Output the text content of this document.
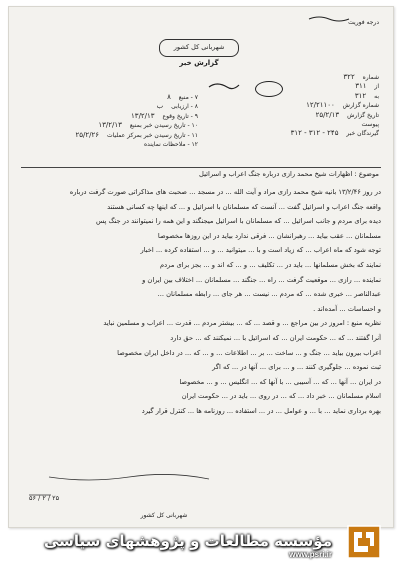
درجه فوریت
شهربانی کل کشور
گزارش خبر
شماره ۳۲۲
از ۳۱۱
به ۳۱۲
شماره گزارش ۱۲/۲۱۱۰۰
تاریخ گزارش ۲۵/۲/۱۳
پیوست
گیرندگان خبر ۲۴۵ - ۳۱۲ - ۳۱۲
۷ - منبع ۸
۸ - ارزیابی ب
۹ - تاریخ وقوع ۱۳/۲/۱۳
۱۰ - تاریخ رسیدن خبر بمنبع ۱۳/۲/۱۳
۱۱ - تاریخ رسیدن خبر بمرکز عملیات ۲۵/۲/۲۶
۱۲ - ملاحظات نماینده
موضوع : اظهارات شیخ محمد رازی درباره جنگ اعراب و اسرائیل
در روز ۱۳/۲/۴۶ بانیه شیخ محمد رازی مراد و آیت الله ... در مسجد ... صحبت های مذاکراتی صورت گرفت درباره
واقعه جنگ اعراب و اسرائیل گفت ... آنست که مسلمانان با اسرائیل و ... که اینها چه کسانی هستند
دیده برای مردم و جانب اسرائیل ... که مسلمانان با اسرائیل میجنگند و این همه را نمیتوانند در جنگ پس
مسلمانان ... عقب بیاید ... رهبرانشان ... فرقی ندارد بیاید در این روزها مخصوصا
توجه شود که ماه اعراب ... که زیاد است و با ... میتوانید ... و ... استفاده کرده ... اخبار
نمایند که بخش مسلمانها ... باید در ... تکلیف ... و ... که اند و ... بجز برای مردم
نماینده ... رازی ... موقعیت گرفت ... راه ... جنگند ... مسلمانان ... اختلاف بین ایران و
عبدالناصر ... خبری شده ... که مردم ... نیست ... هر جای ... رابطه مسلمانان ...
و احساسات ... آمده‌اند .
نظریه منبع : امروز در بین مراجع ... و قصد ... که ... بیشتر مردم ... قدرت ... اعراب و مسلمین نباید
آنرا گفتند ... که ... حکومت ایران ... که اسرائیل با ... نمیکنند که ... حق دارد
اعراب بیرون بیاید ... جنگ و ... ساخت ... بر ... اطلاعات ... و ... که ... در داخل ایران مخصوصا
ثبت نموده ... جلوگیری کنند ... و ... برای ... آنها در ... که اگر
در ایران ... آنها ... که ... آسیبی ... با آنها که ... انگلیس ... و ... مخصوصا
اسلام مسلمانان ... خبر داد ... که ... در روی ... باید در ... حکومت ایران
بهره برداری نماید ... با ... و عوامل ... در ... استفاده ... روزنامه ها ... کنترل قرار گیرد
۲۵ / ۲ / ۵۶
شهربانی کل کشور
مؤسسه مطالعات و پژوهشهای سیاسی
www.psri.ir
